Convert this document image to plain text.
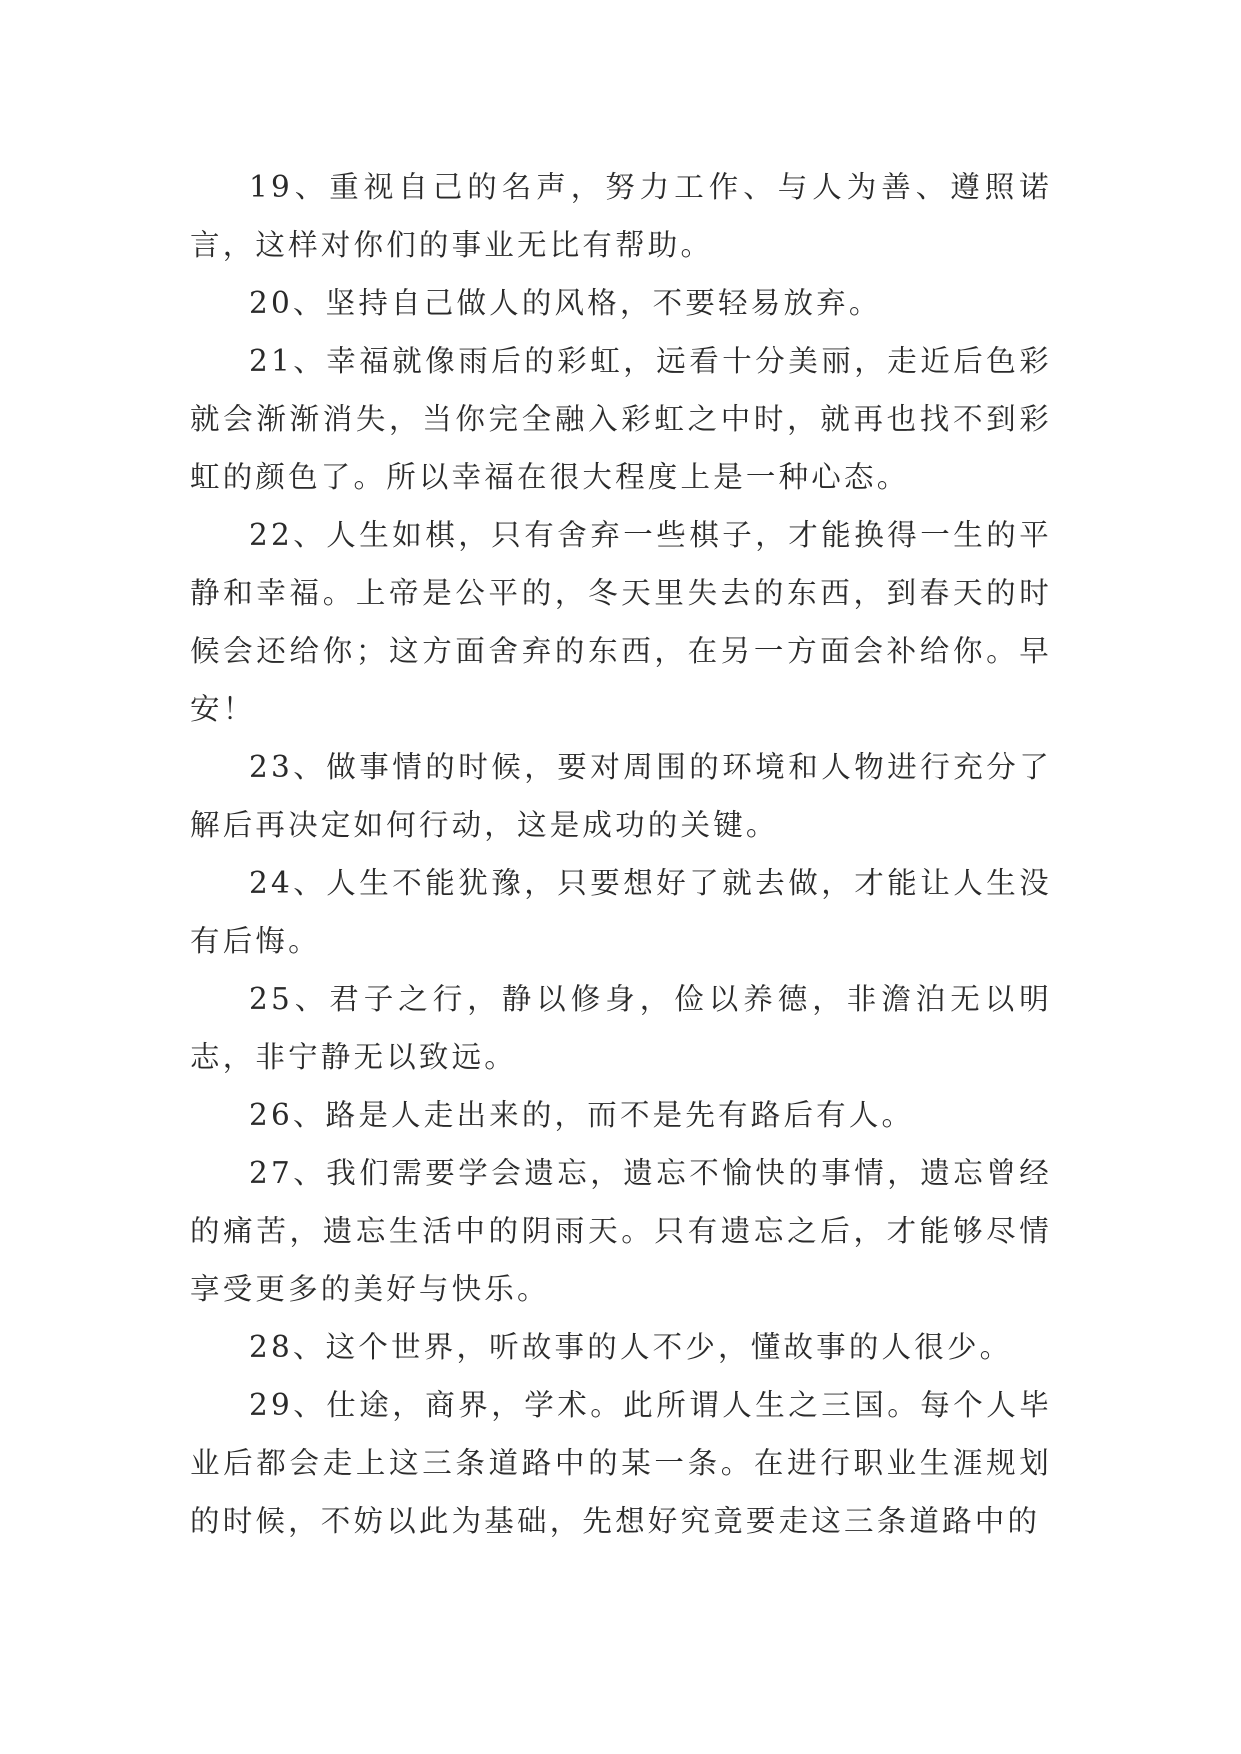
19、重视自己的名声，努力工作、与人为善、遵照诺言，这样对你们的事业无比有帮助。

20、坚持自己做人的风格，不要轻易放弃。

21、幸福就像雨后的彩虹，远看十分美丽，走近后色彩就会渐渐消失，当你完全融入彩虹之中时，就再也找不到彩虹的颜色了。所以幸福在很大程度上是一种心态。

22、人生如棋，只有舍弃一些棋子，才能换得一生的平静和幸福。上帝是公平的，冬天里失去的东西，到春天的时候会还给你；这方面舍弃的东西，在另一方面会补给你。早安！

23、做事情的时候，要对周围的环境和人物进行充分了解后再决定如何行动，这是成功的关键。

24、人生不能犹豫，只要想好了就去做，才能让人生没有后悔。

25、君子之行，静以修身，俭以养德，非澹泊无以明志，非宁静无以致远。

26、路是人走出来的，而不是先有路后有人。

27、我们需要学会遗忘，遗忘不愉快的事情，遗忘曾经的痛苦，遗忘生活中的阴雨天。只有遗忘之后，才能够尽情享受更多的美好与快乐。

28、这个世界，听故事的人不少，懂故事的人很少。

29、仕途，商界，学术。此所谓人生之三国。每个人毕业后都会走上这三条道路中的某一条。在进行职业生涯规划的时候，不妨以此为基础，先想好究竟要走这三条道路中的
